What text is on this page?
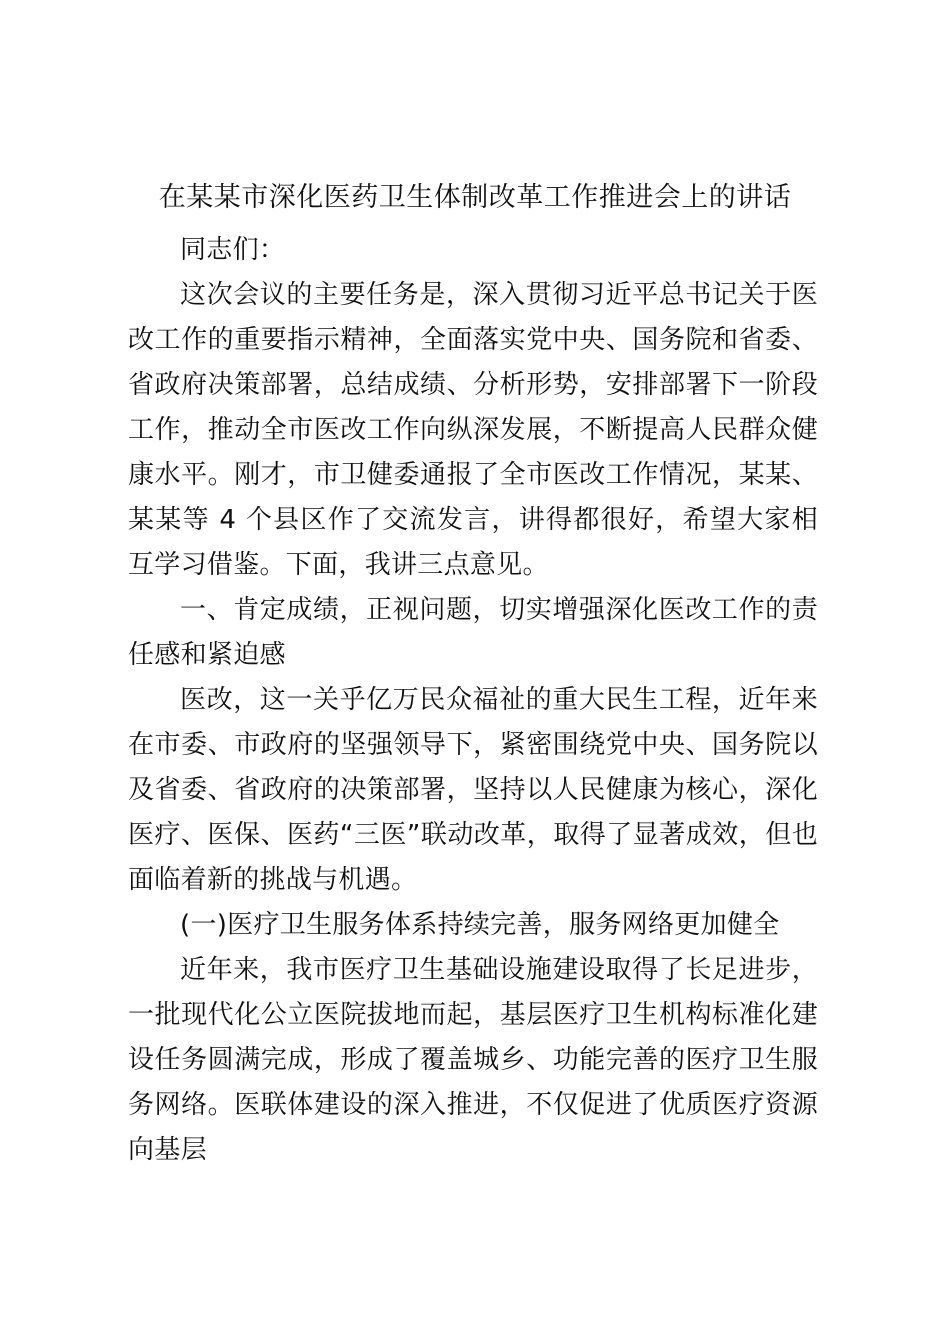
在某某市深化医药卫生体制改革工作推进会上的讲话

同志们：

这次会议的主要任务是，深入贯彻习近平总书记关于医改工作的重要指示精神，全面落实党中央、国务院和省委、省政府决策部署，总结成绩、分析形势，安排部署下一阶段工作，推动全市医改工作向纵深发展，不断提高人民群众健康水平。刚才，市卫健委通报了全市医改工作情况，某某、某某等 4 个县区作了交流发言，讲得都很好，希望大家相互学习借鉴。下面，我讲三点意见。

一、肯定成绩，正视问题，切实增强深化医改工作的责任感和紧迫感

医改，这一关乎亿万民众福祉的重大民生工程，近年来在市委、市政府的坚强领导下，紧密围绕党中央、国务院以及省委、省政府的决策部署，坚持以人民健康为核心，深化医疗、医保、医药“三医”联动改革，取得了显著成效，但也面临着新的挑战与机遇。

(一)医疗卫生服务体系持续完善，服务网络更加健全

近年来，我市医疗卫生基础设施建设取得了长足进步，一批现代化公立医院拔地而起，基层医疗卫生机构标准化建设任务圆满完成，形成了覆盖城乡、功能完善的医疗卫生服务网络。医联体建设的深入推进，不仅促进了优质医疗资源向基层
